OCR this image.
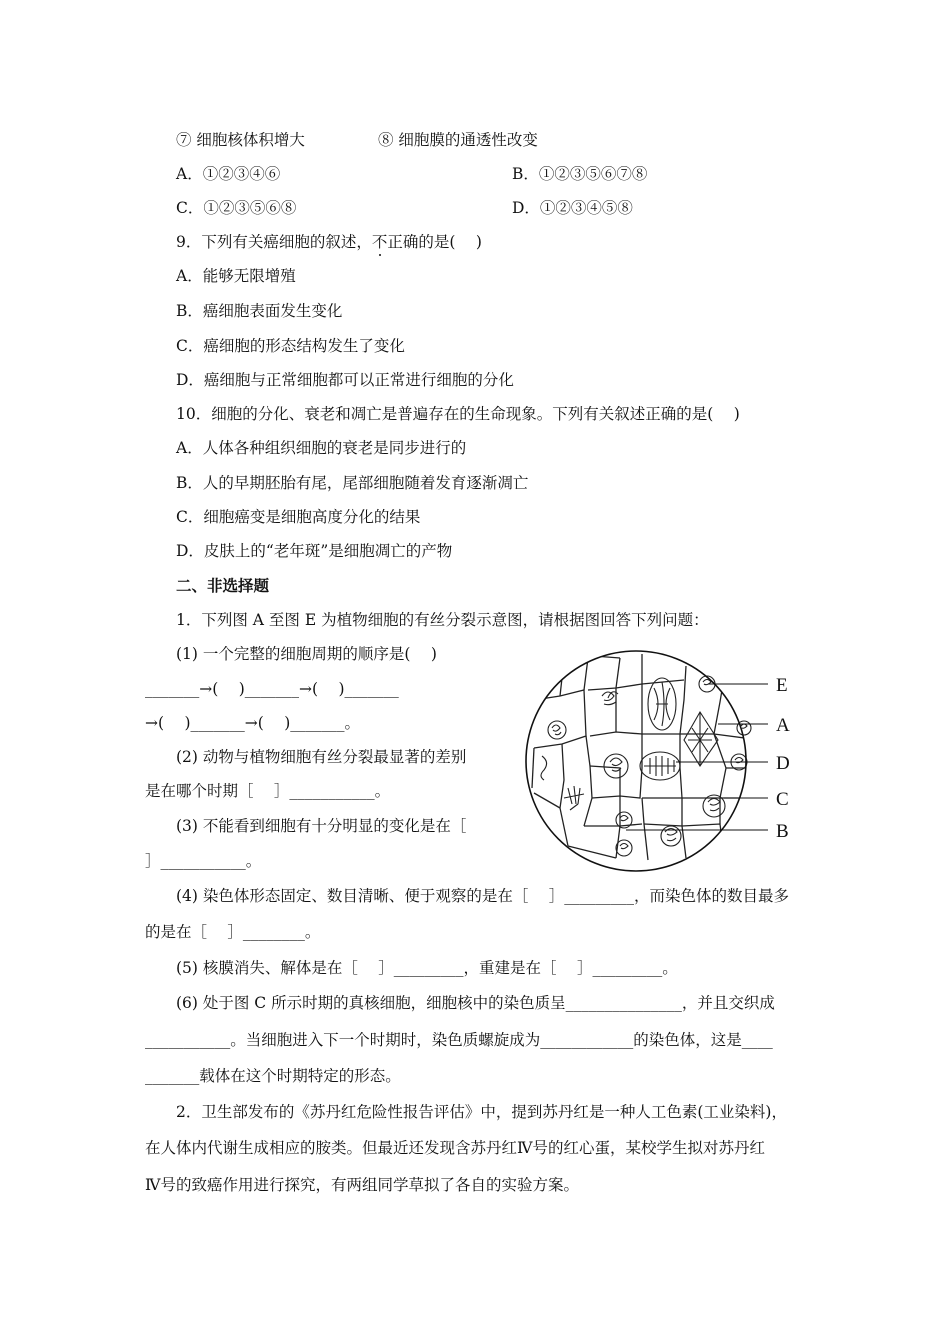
⑦ 细胞核体积增大	⑧ 细胞膜的通透性改变
A．①②③④⑥	B．①②③⑤⑥⑦⑧
C．①②③⑤⑥⑧	D．①②③④⑤⑧
9．下列有关癌细胞的叙述，不正确的是(　 )
A．能够无限增殖
B．癌细胞表面发生变化
C．癌细胞的形态结构发生了变化
D．癌细胞与正常细胞都可以正常进行细胞的分化
10．细胞的分化、衰老和凋亡是普遍存在的生命现象。下列有关叙述正确的是(　 )
A．人体各种组织细胞的衰老是同步进行的
B．人的早期胚胎有尾，尾部细胞随着发育逐渐凋亡
C．细胞癌变是细胞高度分化的结果
D．皮肤上的“老年斑”是细胞凋亡的产物
二、非选择题
1．下列图 A 至图 E 为植物细胞的有丝分裂示意图，请根据图回答下列问题：
(1) 一个完整的细胞周期的顺序是(　 )
_______→(　 )_______→(　 )_______
→(　 )_______→(　 )_______。
(2) 动物与植物细胞有丝分裂最显著的差别
是在哪个时期［　 ］___________。
(3) 不能看到细胞有十分明显的变化是在［
］___________。
(4) 染色体形态固定、数目清晰、便于观察的是在［　 ］_________，而染色体的数目最多
的是在［　 ］________。
(5) 核膜消失、解体是在［　 ］_________，重建是在［　 ］_________。
(6) 处于图 C 所示时期的真核细胞，细胞核中的染色质呈_______________，并且交织成
___________。当细胞进入下一个时期时，染色质螺旋成为____________的染色体，这是____
_______载体在这个时期特定的形态。
2．卫生部发布的《苏丹红危险性报告评估》中，提到苏丹红是一种人工色素(工业染料)，
在人体内代谢生成相应的胺类。但最近还发现含苏丹红Ⅳ号的红心蛋，某校学生拟对苏丹红
Ⅳ号的致癌作用进行探究，有两组同学草拟了各自的实验方案。
E
A
D
C
B
